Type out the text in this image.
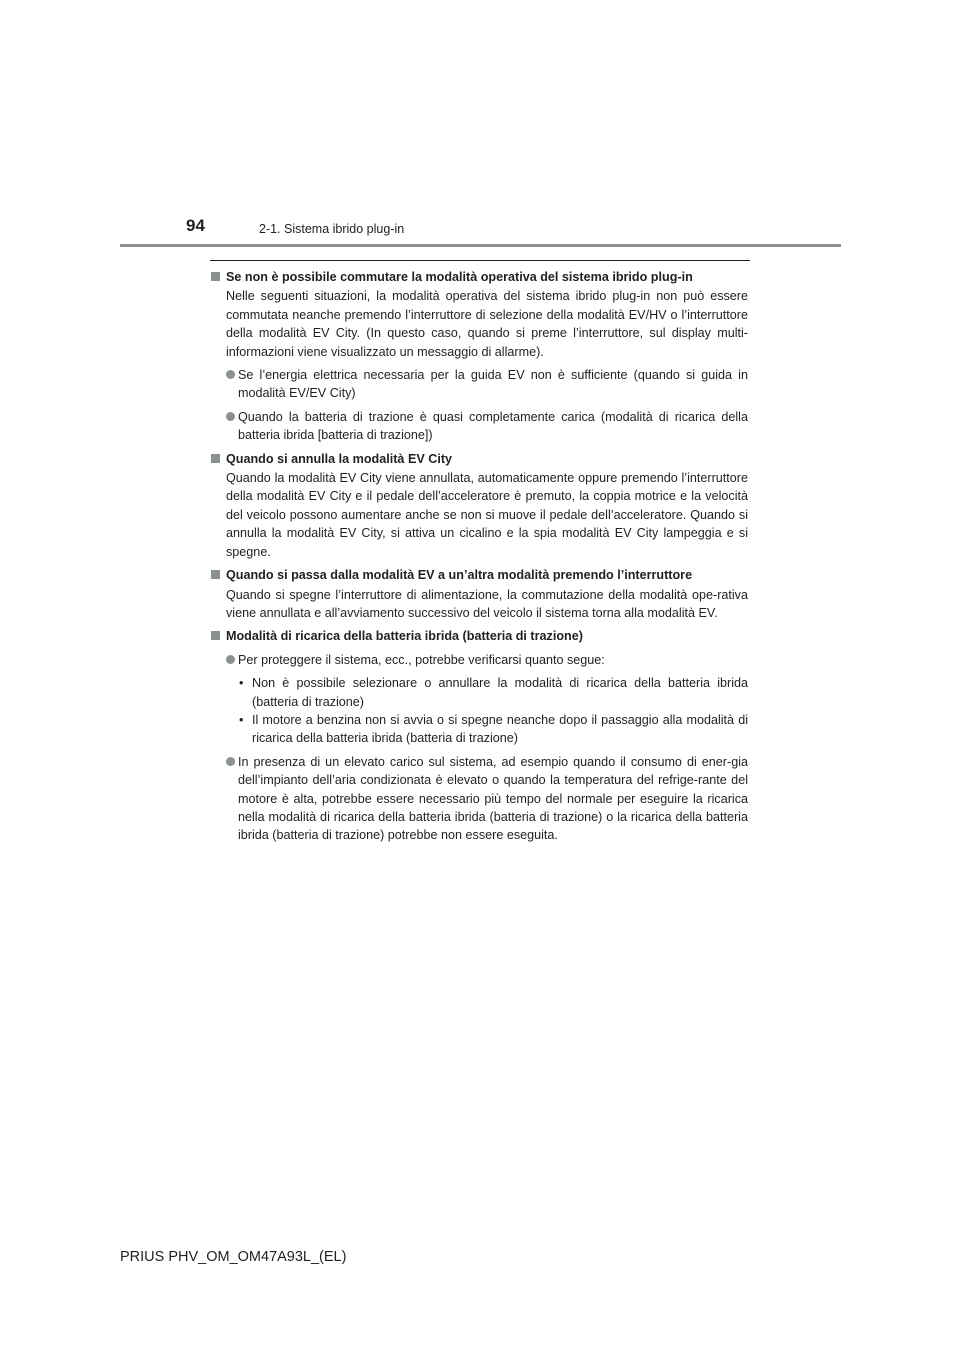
94	2-1. Sistema ibrido plug-in

Se non è possibile commutare la modalità operativa del sistema ibrido plug-in

Nelle seguenti situazioni, la modalità operativa del sistema ibrido plug-in non può essere commutata neanche premendo l’interruttore di selezione della modalità EV/HV o l’interruttore della modalità EV City. (In questo caso, quando si preme l’interruttore, sul display multi-informazioni viene visualizzato un messaggio di allarme).

Se l’energia elettrica necessaria per la guida EV non è sufficiente (quando si guida in modalità EV/EV City)

Quando la batteria di trazione è quasi completamente carica (modalità di ricarica della batteria ibrida [batteria di trazione])

Quando si annulla la modalità EV City

Quando la modalità EV City viene annullata, automaticamente oppure premendo l’interruttore della modalità EV City e il pedale dell’acceleratore è premuto, la coppia motrice e la velocità del veicolo possono aumentare anche se non si muove il pedale dell’acceleratore. Quando si annulla la modalità EV City, si attiva un cicalino e la spia modalità EV City lampeggia e si spegne.

Quando si passa dalla modalità EV a un’altra modalità premendo l’interruttore

Quando si spegne l’interruttore di alimentazione, la commutazione della modalità ope-rativa viene annullata e all’avviamento successivo del veicolo il sistema torna alla modalità EV.

Modalità di ricarica della batteria ibrida (batteria di trazione)

Per proteggere il sistema, ecc., potrebbe verificarsi quanto segue:

• Non è possibile selezionare o annullare la modalità di ricarica della batteria ibrida (batteria di trazione)

• Il motore a benzina non si avvia o si spegne neanche dopo il passaggio alla modalità di ricarica della batteria ibrida (batteria di trazione)

In presenza di un elevato carico sul sistema, ad esempio quando il consumo di ener-gia dell’impianto dell’aria condizionata è elevato o quando la temperatura del refrige-rante del motore è alta, potrebbe essere necessario più tempo del normale per eseguire la ricarica nella modalità di ricarica della batteria ibrida (batteria di trazione) o la ricarica della batteria ibrida (batteria di trazione) potrebbe non essere eseguita.

PRIUS PHV_OM_OM47A93L_(EL)
